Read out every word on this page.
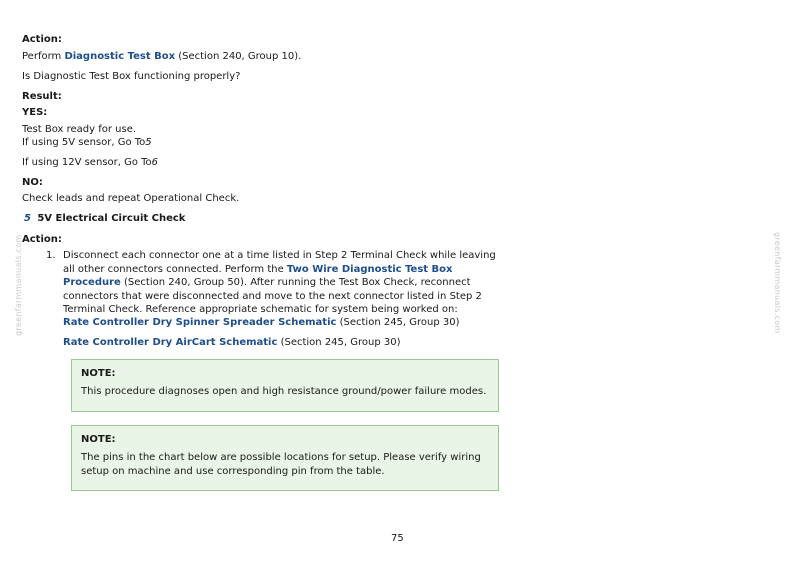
greenfarmmanuals.com	greenfarmmanuals.com
Action:
Perform Diagnostic Test Box (Section 240, Group 10).
Is Diagnostic Test Box functioning properly?
Result:
YES:
Test Box ready for use.
If using 5V sensor, Go To5
If using 12V sensor, Go To6
NO:
Check leads and repeat Operational Check.
5 5V Electrical Circuit Check
Action:
1. Disconnect each connector one at a time listed in Step 2 Terminal Check while leaving all other connectors connected. Perform the Two Wire Diagnostic Test Box Procedure (Section 240, Group 50). After running the Test Box Check, reconnect connectors that were disconnected and move to the next connector listed in Step 2 Terminal Check. Reference appropriate schematic for system being worked on:
Rate Controller Dry Spinner Spreader Schematic (Section 245, Group 30)
Rate Controller Dry AirCart Schematic (Section 245, Group 30)
NOTE:
This procedure diagnoses open and high resistance ground/power failure modes.
NOTE:
The pins in the chart below are possible locations for setup. Please verify wiring setup on machine and use corresponding pin from the table.
75
